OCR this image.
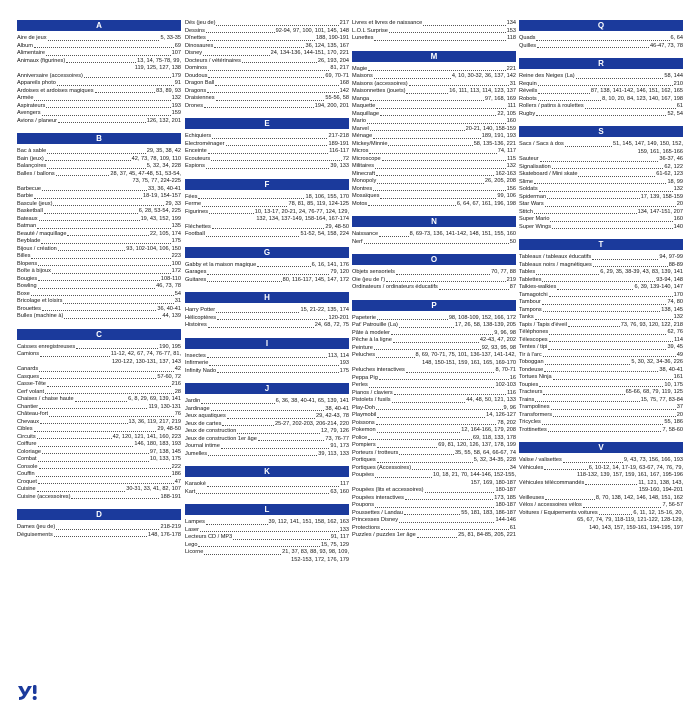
A
Aire de jeux	5, 33-35
Album	69
Alimentaire	107
Animaux (figurines)	13, 14, 75-78, 99,
119, 125, 127, 138
Anniversaire (accessoires)	179
Appareils photo	91
Ardoises et ardoises magiques	83, 89, 93
Armée	132
Aspirateurs	193
Avengers	159
Avions / planeur	126, 132, 201
B
Bac à sable	29, 35, 38, 42
Bain (jeux)	42, 73, 78, 109, 110
Balançoires	5, 32, 34, 228
Balles / ballons	28, 37, 45, 47-48, 51, 53-54,
73, 75, 77, 224-225
Barbecue	33, 36, 40-41
Barbie	18-19, 154-157
Bascule (jeux)	29, 33
Basketball	6, 28, 53-54, 225
Bateaux	19, 43, 152, 199
Batman	135
Beauté / maquillage	22, 105, 174
Beyblade	175
Bijoux / création	93, 102-104, 106, 150
Billes	223
Blopens	100
Boîte à bijoux	172
Bougies	108-110
Bowling	46, 73, 78
Boxe	54
Bricolage et loisirs	31
Brouettes	36, 40-41
Bulles (machine à)	44, 139
C
Caisses enregistreuses	190, 195
Camions	11-12, 42, 67, 74, 76-77, 81,
120-122, 130-131, 137, 143
Canards	42
Casques	57-60, 72
Casse-Tête	216
Cerf volant	28
Chaises / chaise haute	6, 8, 29, 69, 139, 141
Chantier	119, 130-131
Château-fort	76
Chevaux	13, 36, 119, 217, 219
Cibles	29, 48-50
Circuits	42, 120, 121, 141, 160, 223
Coiffure	146, 180, 183, 193
Coloriage	97, 138, 145
Combat	10, 133, 175
Console	222
Couffin	186
Croquet	47
Cuisine	30-31, 33, 41, 82, 107
Cuisine (accessoires)	188-191
D
Dames (jeu de)	218-219
Déguisements	148, 176-178
Dés (jeu de)	217
Dessins	92-94, 97, 100, 101, 145, 148
Dînettes	188, 190-191
Dinosaures	36, 124, 135, 167
Disney	24, 134-136, 144-151, 170, 221
Docteurs / vétérinaires	26, 193, 204
Dominos	81, 217
Doudous	69, 70-71
Dragon Ball	168
Dragons	142
Draisiennes	55-56, 58
Drones	194, 200, 201
E
Échiquiers	217-218
Électroménager	189-191
Enceinte	116-117
Écouteurs	72
Espions	39, 133
F
Fées	18, 106, 155, 170
Ferme	78, 81, 85, 119, 124-125
Figurines	10, 13-17, 20-21, 24, 76-77, 124, 129,
132, 134, 137-149, 158-164, 167-174
Fléchettes	29, 48-50
Football	51-52, 54, 158, 224
G
Gabby et la maison magique	6, 16, 141, 176
Garages	79, 120
Guitares	80, 116-117, 145, 147, 172
H
Harry Potter	15, 21-22, 135, 174
Hélicoptères	120-201
Histoires	24, 68, 72, 75
I
Insectes	113, 114
Infirmerie	193
Infinity Nado	175
J
Jardin	6, 36, 38, 40-41, 65, 139, 141
Jardinage	38, 40-41
Jeux aquatiques	29, 42-43, 78
Jeux de cartes	25-27, 202-203, 206-214, 220
Jeux de construction	12, 79, 126
Jeux de construction 1er âge	73, 76-77
Journal intime	91, 173
Jumelles	39, 113, 133
K
Karaoké	117
Kart	63, 160
L
Lampes	39, 112, 141, 151, 158, 162, 163
Laser	133
Lecteurs CD / MP3	91, 117
Lego	15, 75, 129
Licorne	21, 37, 83, 88, 93, 98, 109,
152-153, 172, 176, 179
Livres et livres de naissance	134
L.O.L Surprise	153
Lunettes	118
M
Magie	221
Maisons	4, 10, 30-32, 36, 137, 142
Maisons (accessoires)	31
Maisonnettes (jouets)	16, 111, 113, 114, 123, 137
Manga	97, 168, 169
Maquette	111
Maquillage	22, 105
Mario	160
Marvel	20-21, 140, 158-159
Ménage	189, 191, 193
Mickey/Minnie	58, 135-136, 221
Micros	74, 117
Microscope	115
Militaires	132
Minecraft	162-163
Monopoly	26, 205, 208
Montres	156
Mosaïques	99, 106
Motos	6, 64, 67, 161, 196, 198
N
Naissance	8, 69-73, 136, 141-142, 148, 151, 155, 160
Nerf	50
O
Objets sensoriels	70, 77, 88
Oie (jeu de l')	219
Ordinateurs / ordinateurs éducatifs	87
P
Papeterie	98, 108-109, 152, 166, 172
Pat' Patrouille (La)	17, 26, 58, 138-139, 205
Pâte à modeler	9, 96, 98
Pêche à la ligne	42-43, 47, 202
Peinture	92, 93, 95, 98
Peluches	8, 69, 70-71, 75, 101, 136-137, 141-142,
148, 150-151, 159, 161, 165, 169-170
Peluches interactives	8, 70-71
Peppa Pig	16
Perles	102-103
Pianos / claviers	116
Pistolets / fusils	44, 48, 50, 121, 133
Play-Doh	9, 96
Playmobil	14, 126-127
Poissons	78, 202
Pokemon	12, 164-166, 179, 208
Police	69, 118, 133, 178
Pompiers	69, 81, 120, 126, 137, 178, 199
Porteurs / trotteurs	35, 55, 58, 64, 66-67, 74
Portiques	5, 32, 34-35, 228
Portiques (Accessoires)	34
Poupées	10, 18, 21, 70, 144-146, 152-155,
157, 169, 180-187
Poupées (lits et accessoires)	180-187
Poupées interactives	173, 185
Poupons	180-187
Poussettes / Landau	55, 181, 183, 186-187
Princesses Disney	144-146
Protections	61
Puzzles / puzzles 1er âge	25, 81, 84-85, 205, 221
Q
Quads	6, 64
Quilles	46-47, 73, 78
R
Reine des Neiges (La)	58, 144
Requin	210
Réveils	87, 138, 141-142, 146, 151, 162, 165
Robots	8, 10, 20, 84, 123, 140, 167, 198
Rollers / patins à roulettes	61
Rugby	52, 54
S
Sacs / Sacs à dos	51, 145, 147, 149, 150, 152,
159, 161, 165-166
Sauteur	36-37, 46
Signalisation	62, 122
Skateboard / Mini skate	61-62, 123
Slime	18, 99
Soldats	132
Spiderman	17, 139, 158-159
Star Wars	20
Stitch	134, 147-151, 207
Super Mario	160
Super Wings	140
T
Tableaux / tableaux éducatifs	94, 97-99
Tableaux noirs / magnétiques	88-89
Tables	6, 29, 35, 38-39, 43, 83, 139, 141
Tablettes	93-94, 148
Talkies-walkies	6, 39, 139-140, 147
Tamagotchi	170
Tambour	74, 80
Tampons	138, 145
Tanks	132
Tapis / Tapis d'éveil	73, 76, 93, 120, 122, 218
Téléphones	62, 76
Télescopes	114
Tentes / tipi	39, 45
Tir à l'arc	49
Toboggan	5, 30, 32, 34-36, 226
Tondeuse	38, 40-41
Tortues Ninja	161
Toupies	10, 175
Tracteurs	65-66, 68, 79, 119, 125
Trains	15, 75, 77, 83-84
Trampolines	37
Transformers	20
Tricycles	55, 186
Trottinettes	7, 58-60
V
Valise / valisettes	9, 43, 73, 156, 166, 193
Véhicules	6, 10-12, 14, 17-19, 63-67, 74, 76, 79,
118-132, 139, 157, 159, 161, 167, 195-196
Véhicules télécommandés	11, 121, 138, 143,
159-160, 194-201
Veilleuses	8, 70, 138, 142, 146, 148, 151, 162
Vélos / accessoires vélos	7, 56-57
Voitures / Équipements voitures	6, 11, 12, 15-16, 20,
65, 67, 74, 79, 118-119, 121-122, 128-129,
140, 143, 157, 159-161, 194-195, 197
